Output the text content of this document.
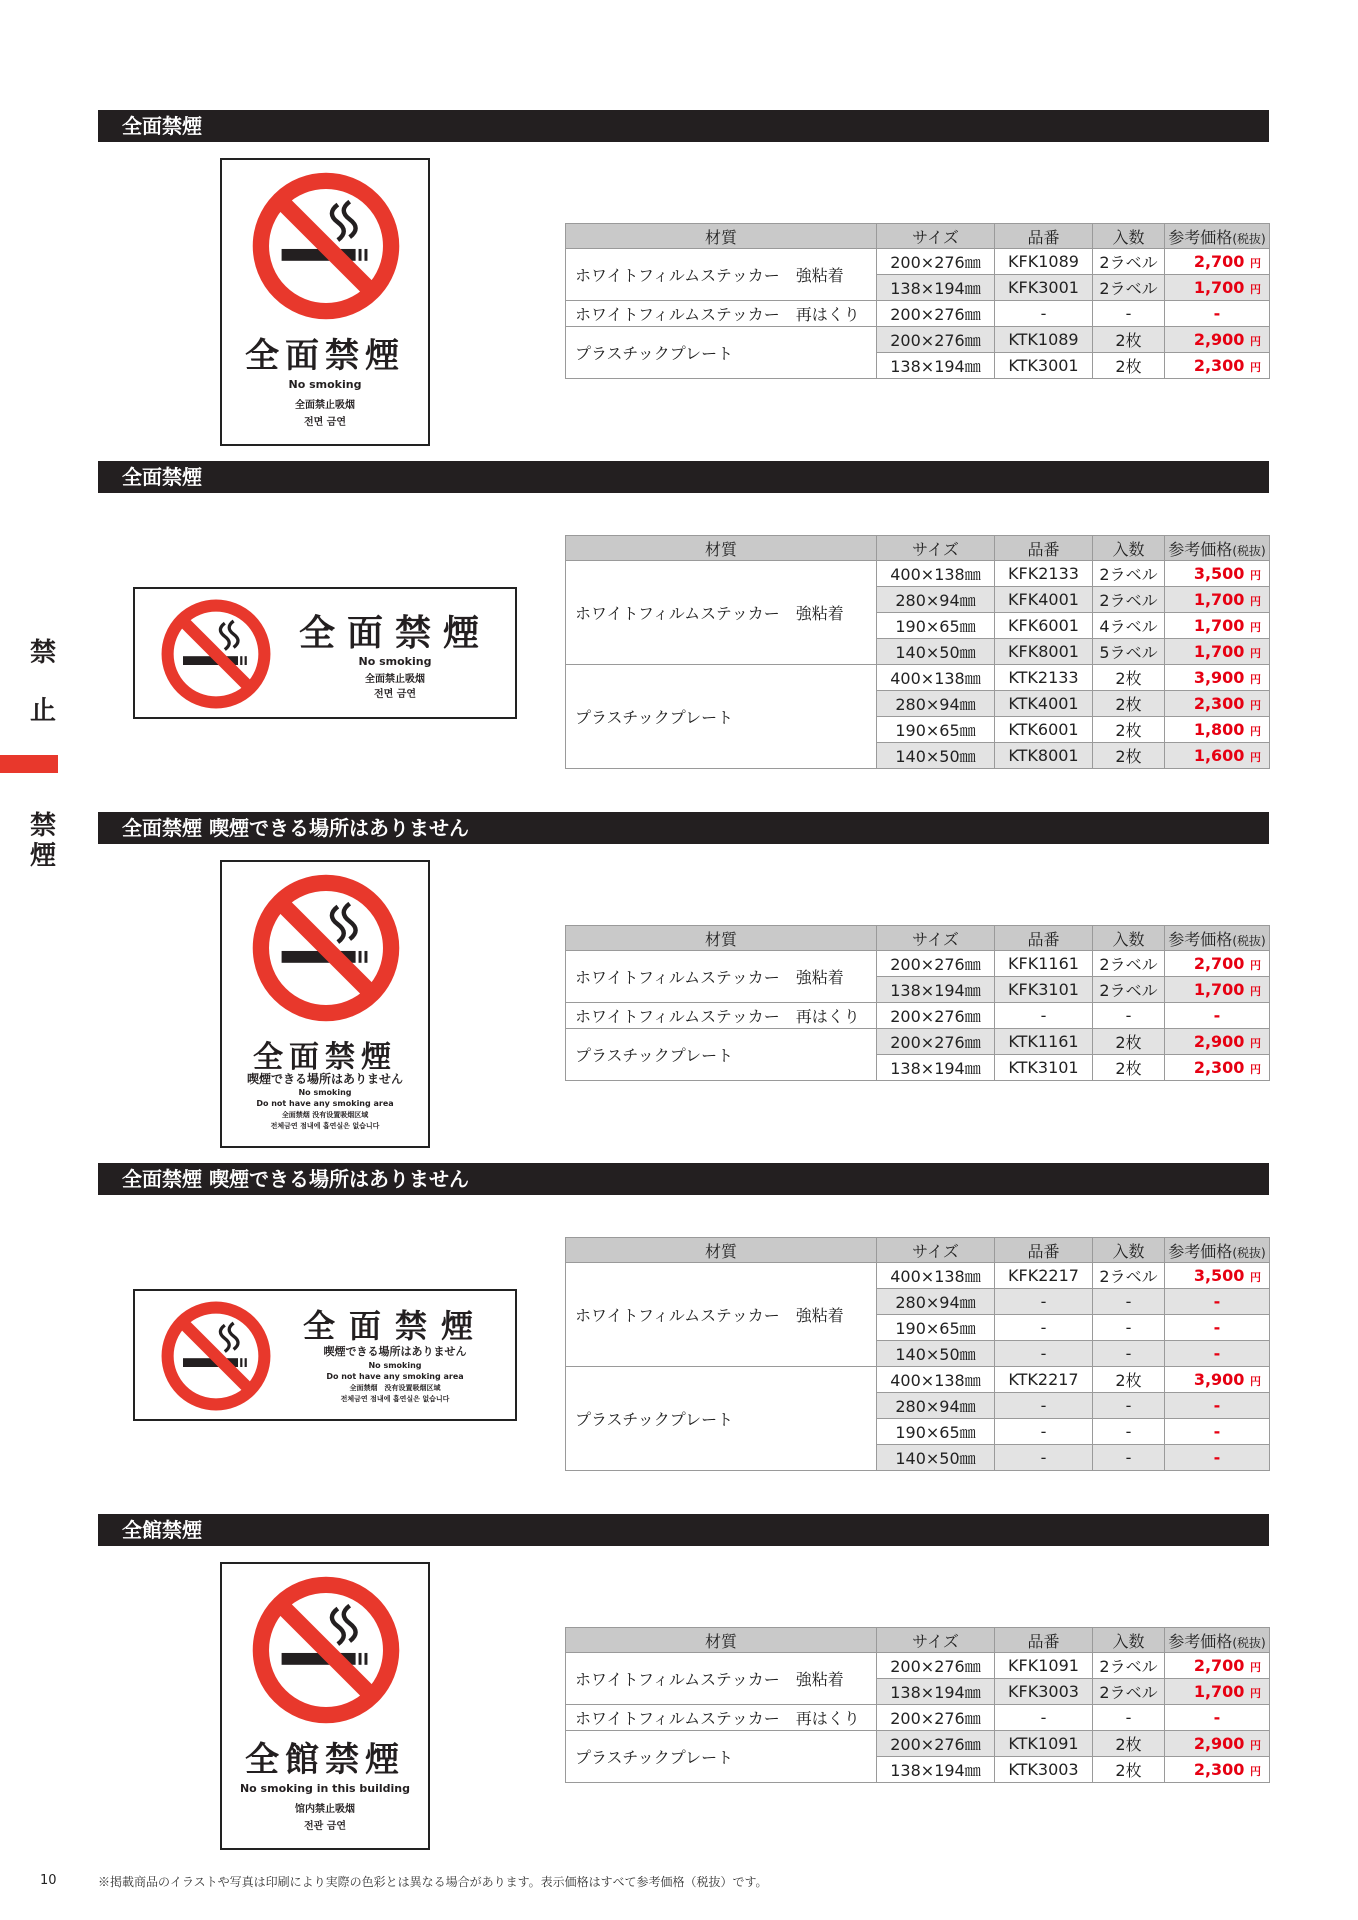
禁
止
禁
煙
全面禁煙
全面禁煙
No smoking
全面禁止吸烟
전면 금연
材質	サイズ	品番	入数	参考価格(税抜)
ホワイトフィルムステッカー　強粘着	200×276㎜	KFK1089	2ラベル	2,700 円
	138×194㎜	KFK3001	2ラベル	1,700 円
ホワイトフィルムステッカー　再はくり	200×276㎜	-	-	-
プラスチックプレート	200×276㎜	KTK1089	2枚	2,900 円
	138×194㎜	KTK3001	2枚	2,300 円
全面禁煙
全面禁煙
No smoking
全面禁止吸烟
전면 금연
材質	サイズ	品番	入数	参考価格(税抜)
ホワイトフィルムステッカー　強粘着	400×138㎜	KFK2133	2ラベル	3,500 円
	280×94㎜	KFK4001	2ラベル	1,700 円
	190×65㎜	KFK6001	4ラベル	1,700 円
	140×50㎜	KFK8001	5ラベル	1,700 円
プラスチックプレート	400×138㎜	KTK2133	2枚	3,900 円
	280×94㎜	KTK4001	2枚	2,300 円
	190×65㎜	KTK6001	2枚	1,800 円
	140×50㎜	KTK8001	2枚	1,600 円
全面禁煙 喫煙できる場所はありません
全面禁煙
喫煙できる場所はありません
No smoking
Do not have any smoking area
全面禁烟 没有设置吸烟区域
전체금연 점내에 흡연실은 없습니다
材質	サイズ	品番	入数	参考価格(税抜)
ホワイトフィルムステッカー　強粘着	200×276㎜	KFK1161	2ラベル	2,700 円
	138×194㎜	KFK3101	2ラベル	1,700 円
ホワイトフィルムステッカー　再はくり	200×276㎜	-	-	-
プラスチックプレート	200×276㎜	KTK1161	2枚	2,900 円
	138×194㎜	KTK3101	2枚	2,300 円
全面禁煙 喫煙できる場所はありません
全面禁煙
喫煙できる場所はありません
No smoking
Do not have any smoking area
全面禁烟　没有设置吸烟区域
전체금연 점내에 흡연실은 없습니다
材質	サイズ	品番	入数	参考価格(税抜)
ホワイトフィルムステッカー　強粘着	400×138㎜	KFK2217	2ラベル	3,500 円
	280×94㎜	-	-	-
	190×65㎜	-	-	-
	140×50㎜	-	-	-
プラスチックプレート	400×138㎜	KTK2217	2枚	3,900 円
	280×94㎜	-	-	-
	190×65㎜	-	-	-
	140×50㎜	-	-	-
全館禁煙
全館禁煙
No smoking in this building
馆内禁止吸烟
전관 금연
材質	サイズ	品番	入数	参考価格(税抜)
ホワイトフィルムステッカー　強粘着	200×276㎜	KFK1091	2ラベル	2,700 円
	138×194㎜	KFK3003	2ラベル	1,700 円
ホワイトフィルムステッカー　再はくり	200×276㎜	-	-	-
プラスチックプレート	200×276㎜	KTK1091	2枚	2,900 円
	138×194㎜	KTK3003	2枚	2,300 円
10	※掲載商品のイラストや写真は印刷により実際の色彩とは異なる場合があります。表示価格はすべて参考価格（税抜）です。
